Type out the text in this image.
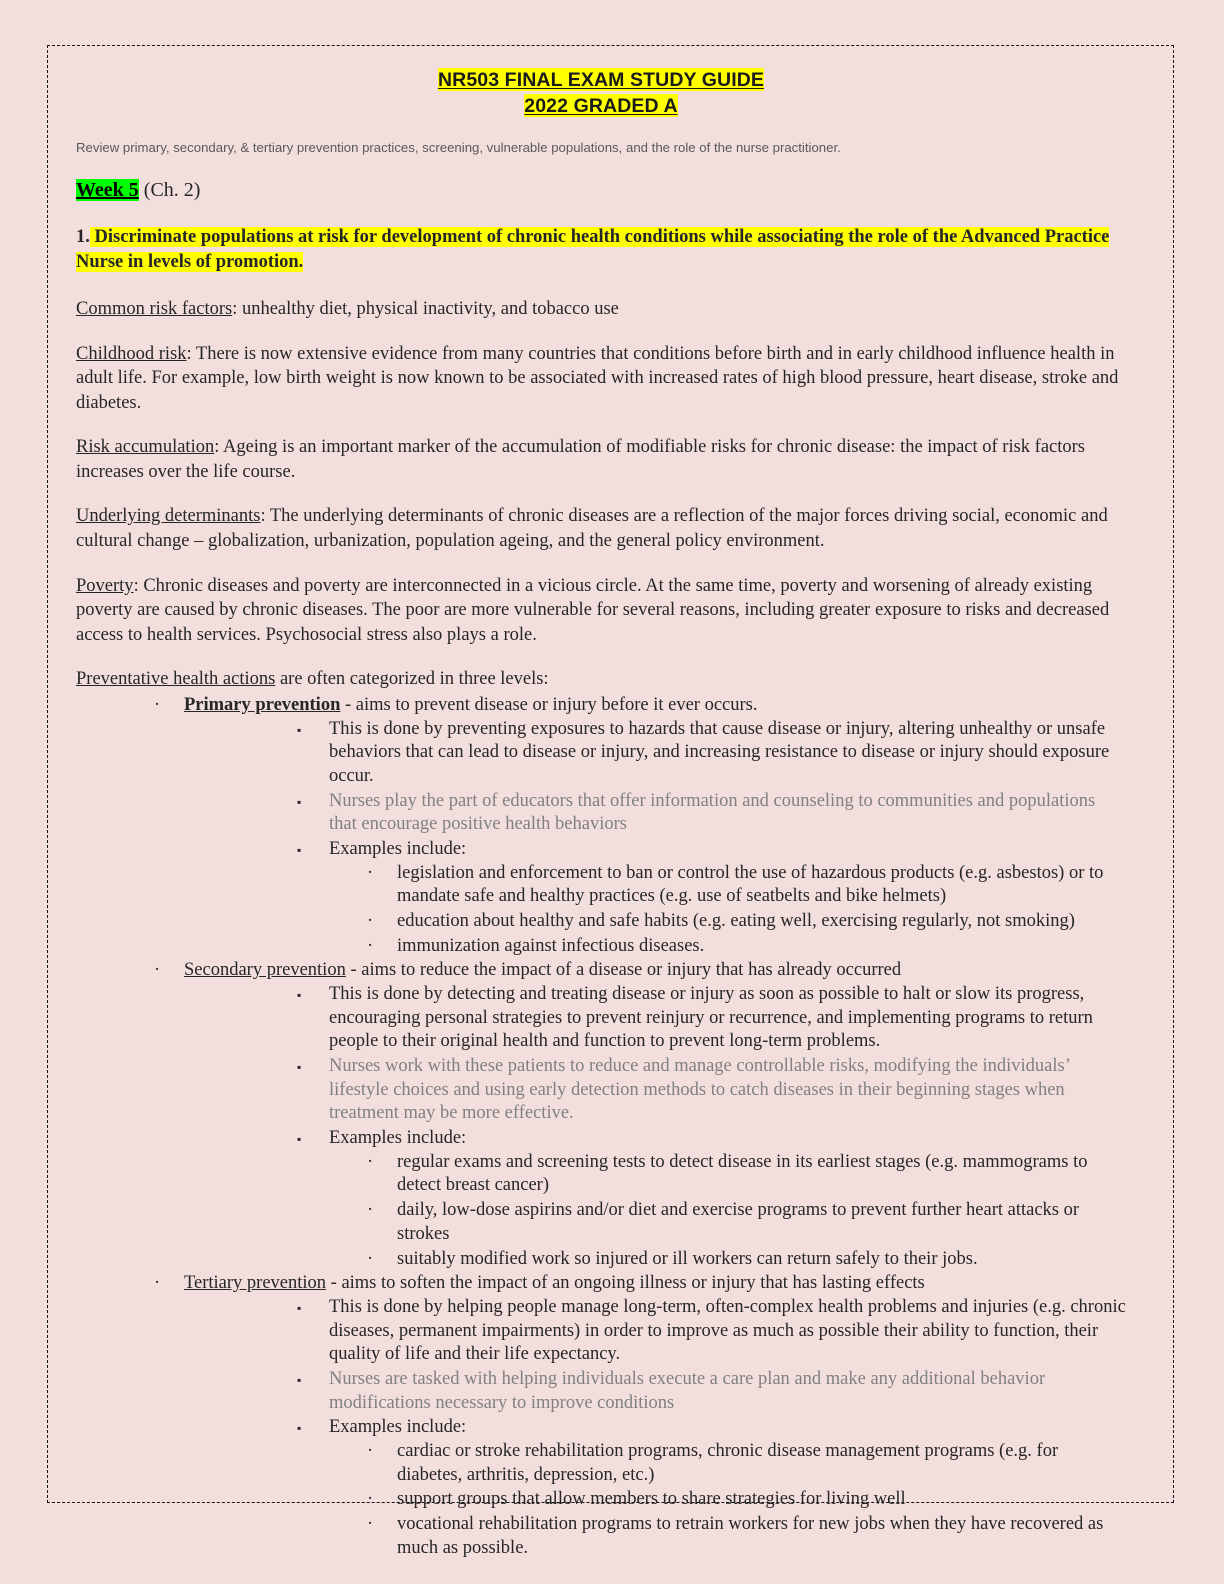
NR503 FINAL EXAM STUDY GUIDE
2022 GRADED A

Review primary, secondary, & tertiary prevention practices, screening, vulnerable populations, and the role of the nurse practitioner.

Week 5 (Ch. 2)

1. Discriminate populations at risk for development of chronic health conditions while associating the role of the Advanced Practice Nurse in levels of promotion.

Common risk factors: unhealthy diet, physical inactivity, and tobacco use

Childhood risk: There is now extensive evidence from many countries that conditions before birth and in early childhood influence health in adult life. For example, low birth weight is now known to be associated with increased rates of high blood pressure, heart disease, stroke and diabetes.

Risk accumulation: Ageing is an important marker of the accumulation of modifiable risks for chronic disease: the impact of risk factors increases over the life course.

Underlying determinants: The underlying determinants of chronic diseases are a reflection of the major forces driving social, economic and cultural change – globalization, urbanization, population ageing, and the general policy environment.

Poverty: Chronic diseases and poverty are interconnected in a vicious circle. At the same time, poverty and worsening of already existing poverty are caused by chronic diseases. The poor are more vulnerable for several reasons, including greater exposure to risks and decreased access to health services. Psychosocial stress also plays a role.

Preventative health actions are often categorized in three levels:

·	Primary prevention - aims to prevent disease or injury before it ever occurs.
▪	This is done by preventing exposures to hazards that cause disease or injury, altering unhealthy or unsafe behaviors that can lead to disease or injury, and increasing resistance to disease or injury should exposure occur.
▪	Nurses play the part of educators that offer information and counseling to communities and populations that encourage positive health behaviors
▪	Examples include:
·	legislation and enforcement to ban or control the use of hazardous products (e.g. asbestos) or to mandate safe and healthy practices (e.g. use of seatbelts and bike helmets)
·	education about healthy and safe habits (e.g. eating well, exercising regularly, not smoking)
·	immunization against infectious diseases.
·	Secondary prevention - aims to reduce the impact of a disease or injury that has already occurred
▪	This is done by detecting and treating disease or injury as soon as possible to halt or slow its progress, encouraging personal strategies to prevent reinjury or recurrence, and implementing programs to return people to their original health and function to prevent long-term problems.
▪	Nurses work with these patients to reduce and manage controllable risks, modifying the individuals’ lifestyle choices and using early detection methods to catch diseases in their beginning stages when treatment may be more effective.
▪	Examples include:
·	regular exams and screening tests to detect disease in its earliest stages (e.g. mammograms to detect breast cancer)
·	daily, low-dose aspirins and/or diet and exercise programs to prevent further heart attacks or strokes
·	suitably modified work so injured or ill workers can return safely to their jobs.
·	Tertiary prevention - aims to soften the impact of an ongoing illness or injury that has lasting effects
▪	This is done by helping people manage long-term, often-complex health problems and injuries (e.g. chronic diseases, permanent impairments) in order to improve as much as possible their ability to function, their quality of life and their life expectancy.
▪	Nurses are tasked with helping individuals execute a care plan and make any additional behavior modifications necessary to improve conditions
▪	Examples include:
·	cardiac or stroke rehabilitation programs, chronic disease management programs (e.g. for diabetes, arthritis, depression, etc.)
·	support groups that allow members to share strategies for living well
·	vocational rehabilitation programs to retrain workers for new jobs when they have recovered as much as possible.
